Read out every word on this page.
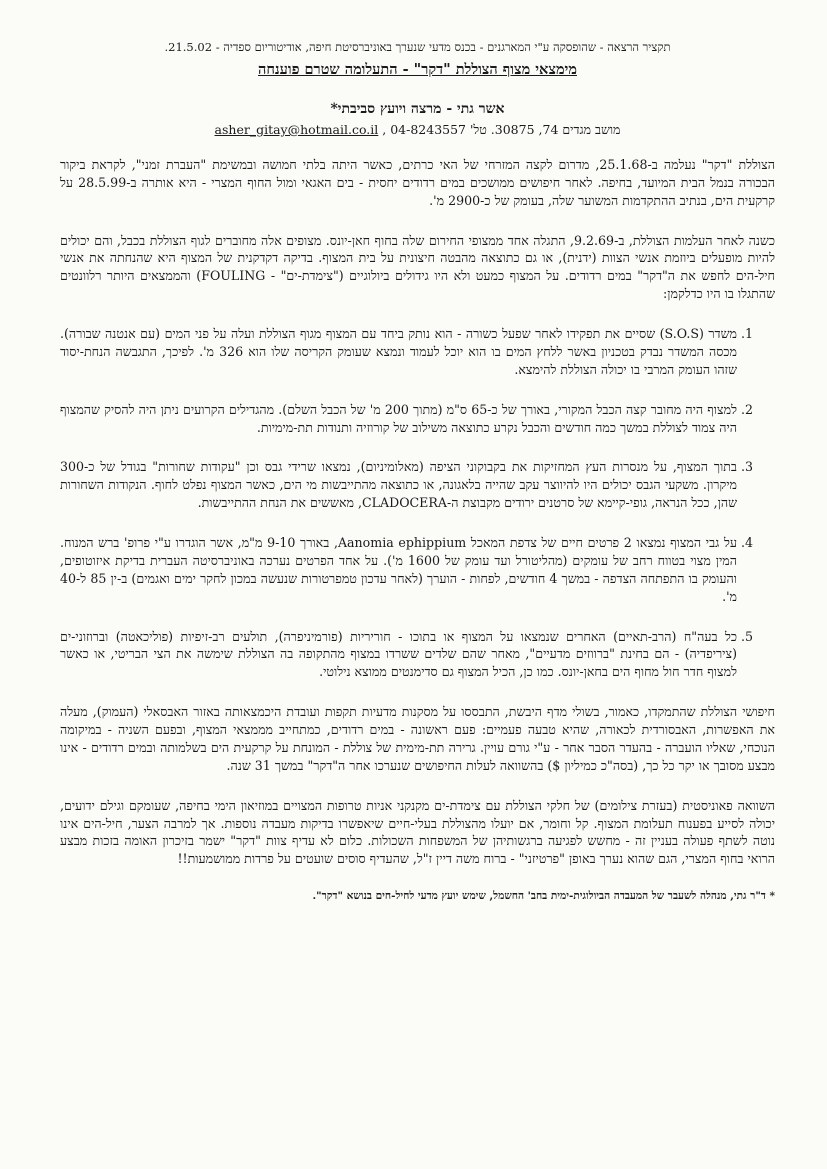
תקציר הרצאה - שהופסקה ע"י המארגנים - בכנס מדעי שנערך באוניברסיטת חיפה, אודיטוריום ספדיה - 21.5.02.
מימצאי מצוף הצוללת "דקר" - התעלומה שטרם פוענחה
אשר גתי - מרצה ויועץ סביבתי*
מושב מגדים 74, 30875. טל' 04-8243557 , asher_gitay@hotmail.co.il

הצוללת "דקר" נעלמה ב-25.1.68, מדרום לקצה המזרחי של האי כרתים, כאשר היתה בלתי חמושה ובמשימת "העברת זמני", לקראת ביקור הבכורה בנמל הבית המיועד, בחיפה. לאחר חיפושים ממושכים במים רדודים יחסית - בים האגאי ומול החוף המצרי - היא אותרה ב-28.5.99 על קרקעית הים, בנתיב ההתקדמות המשוער שלה, בעומק של כ-2900 מ'.

כשנה לאחר העלמות הצוללת, ב-9.2.69, התגלה אחד ממצופי החירום שלה בחוף חאן-יונס. מצופים אלה מחוברים לגוף הצוללת בכבל, והם יכולים להיות מופעלים ביוזמת אנשי הצוות (ידנית), או גם כתוצאה מהבטה חיצונית על בית המצוף. בדיקה דקדקנית של המצוף היא שהנחתה את אנשי חיל-הים לחפש את ה"דקר" במים רדודים. על המצוף כמעט ולא היו גידולים ביולוגיים ("צימדת-ים" - FOULING) והממצאים היותר רלוונטים שהתגלו בו היו כדלקמן:

1. משדר (S.O.S) שסיים את תפקידו לאחר שפעל כשורה - הוא נותק ביחד עם המצוף מגוף הצוללת ועלה על פני המים (עם אנטנה שבורה). מכסה המשדר נבדק בטכניון באשר ללחץ המים בו הוא יוכל לעמוד ונמצא שעומק הקריסה שלו הוא 326 מ'. לפיכך, התגבשה הנחת-יסוד שזהו העומק המרבי בו יכולה הצוללת להימצא.
2. למצוף היה מחובר קצה הכבל המקורי, באורך של כ-65 ס"מ (מתוך 200 מ' של הכבל השלם). מהגדילים הקרועים ניתן היה להסיק שהמצוף היה צמוד לצוללת במשך כמה חודשים והכבל נקרע כתוצאה משילוב של קורוזיה ותנודות תת-מימיות.
3. בתוך המצוף, על מנסרות העץ המחזיקות את בקבוקוני הציפה (מאלומיניום), נמצאו שרידי גבס וכן "עקודות שחורות" בגודל של כ-300 מיקרון. משקעי הגבס יכולים היו להיווצר עקב שהייה בלאגונה, או כתוצאה מהתייבשות מי הים, כאשר המצוף נפלט לחוף. הנקודות השחורות שהן, ככל הנראה, גופי-קיימא של סרטנים ירודים מקבוצת ה-CLADOCERA, מאששים את הנחת ההתייבשות.
4. על גבי המצוף נמצאו 2 פרטים חיים של צדפת המאכל Aanomia ephippium, באורך 9-10 מ"מ, אשר הוגדרו ע"י פרופ' ברש המנוח. המין מצוי בטווח רחב של עומקים (מהליטורל ועד עומק של 1600 מ'). על אחד הפרטים נערכה באוניברסיטה העברית בדיקת איזוטופים, והעומק בו התפתחה הצדפה - במשך 4 חודשים, לפחות - הוערך (לאחר עדכון טמפרטורות שנעשה במכון לחקר ימים ואגמים) ב-ין 85 ל-40 מ'.
5. כל בעה"ח (הרב-תאיים) האחרים שנמצאו על המצוף או בתוכו - חוריריות (פורמיניפרה), תולעים רב-זיפיות (פוליכאטה) וברוזוני-ים (ציריפדיה) - הם בחינת "ברווזים מדעיים", מאחר שהם שלדים ששרדו במצוף מהתקופה בה הצוללת שימשה את הצי הבריטי, או כאשר למצוף חדר חול מחוף הים בחאן-יונס. כמו כן, הכיל המצוף גם סדימנטים ממוצא נילוטי.

חיפושי הצוללת שהתמקדו, כאמור, בשולי מדף היבשת, התבססו על מסקנות מדעיות תקפות ועובדת היכמצאותה באזור האבסאלי (העמוק), מעלה את האפשרות, האבסורדית לכאורה, שהיא טבעה פעמיים: פעם ראשונה - במים רדודים, כמתחייב מממצאי המצוף, ובפעם השניה - במיקומה הנוכחי, שאליו הועברה - בהעדר הסבר אחר - ע"י גורם עויין. גרירה תת-מימית של צוללת - המונחת על קרקעית הים בשלמותה ובמים רדודים - אינו מבצע מסובך או יקר כל כך, (בסה"כ כמיליון $) בהשוואה לעלות החיפושים שנערכו אחר ה"דקר" במשך 31 שנה.

השוואה פאוניסטית (בעזרת צילומים) של חלקי הצוללת עם צימדת-ים מקנקני אניות טרופות המצויים במוזיאון הימי בחיפה, שעומקם וגילם ידועים, יכולה לסייע בפענוח תעלומת המצוף. קל וחומר, אם יועלו מהצוללת בעלי-חיים שיאפשרו בדיקות מעבדה נוספות. אך למרבה הצער, חיל-הים אינו נוטה לשתף פעולה בעניין זה - מחשש לפגיעה ברגשותיהן של המשפחות השכולות. כלום לא עדיף צוות "דקר" ישמר בזיכרון האומה בזכות מבצע הרואי בחוף המצרי, הגם שהוא נערך באופן "פרטיזני" - ברוח משה דיין ז"ל, שהעדיף סוסים שועטים על פרדות ממושמעות!!

* ד"ר גתי, מנהלה לשעבר של המעבדה הביולוגית-ימית בחב' החשמל, שימש יועץ מדעי לחיל-חים בנושא "דקר".
